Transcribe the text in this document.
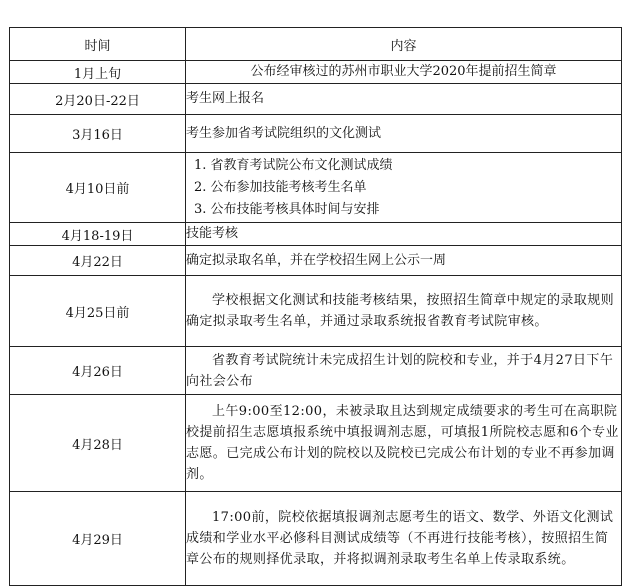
时间	内容
1月上旬	公布经审核过的苏州市职业大学2020年提前招生简章
2月20日-22日	考生网上报名
3月16日	考生参加省考试院组织的文化测试
4月10日前	1. 省教育考试院公布文化测试成绩
2. 公布参加技能考核考生名单
3. 公布技能考核具体时间与安排

4月18-19日	技能考核
4月22日	确定拟录取名单，并在学校招生网上公示一周
4月25日前	学校根据文化测试和技能考核结果，按照招生简章中规定的录取规则确定拟录取考生名单，并通过录取系统报省教育考试院审核。

4月26日	省教育考试院统计未完成招生计划的院校和专业，并于4月27日下午向社会公布

4月28日	上午9:00至12:00，未被录取且达到规定成绩要求的考生可在高职院校提前招生志愿填报系统中填报调剂志愿，可填报1所院校志愿和6个专业志愿。已完成公布计划的院校以及院校已完成公布计划的专业不再参加调剂。

4月29日	17:00前，院校依据填报调剂志愿考生的语文、数学、外语文化测试成绩和学业水平必修科目测试成绩等（不再进行技能考核），按照招生简章公布的规则择优录取，并将拟调剂录取考生名单上传录取系统。
